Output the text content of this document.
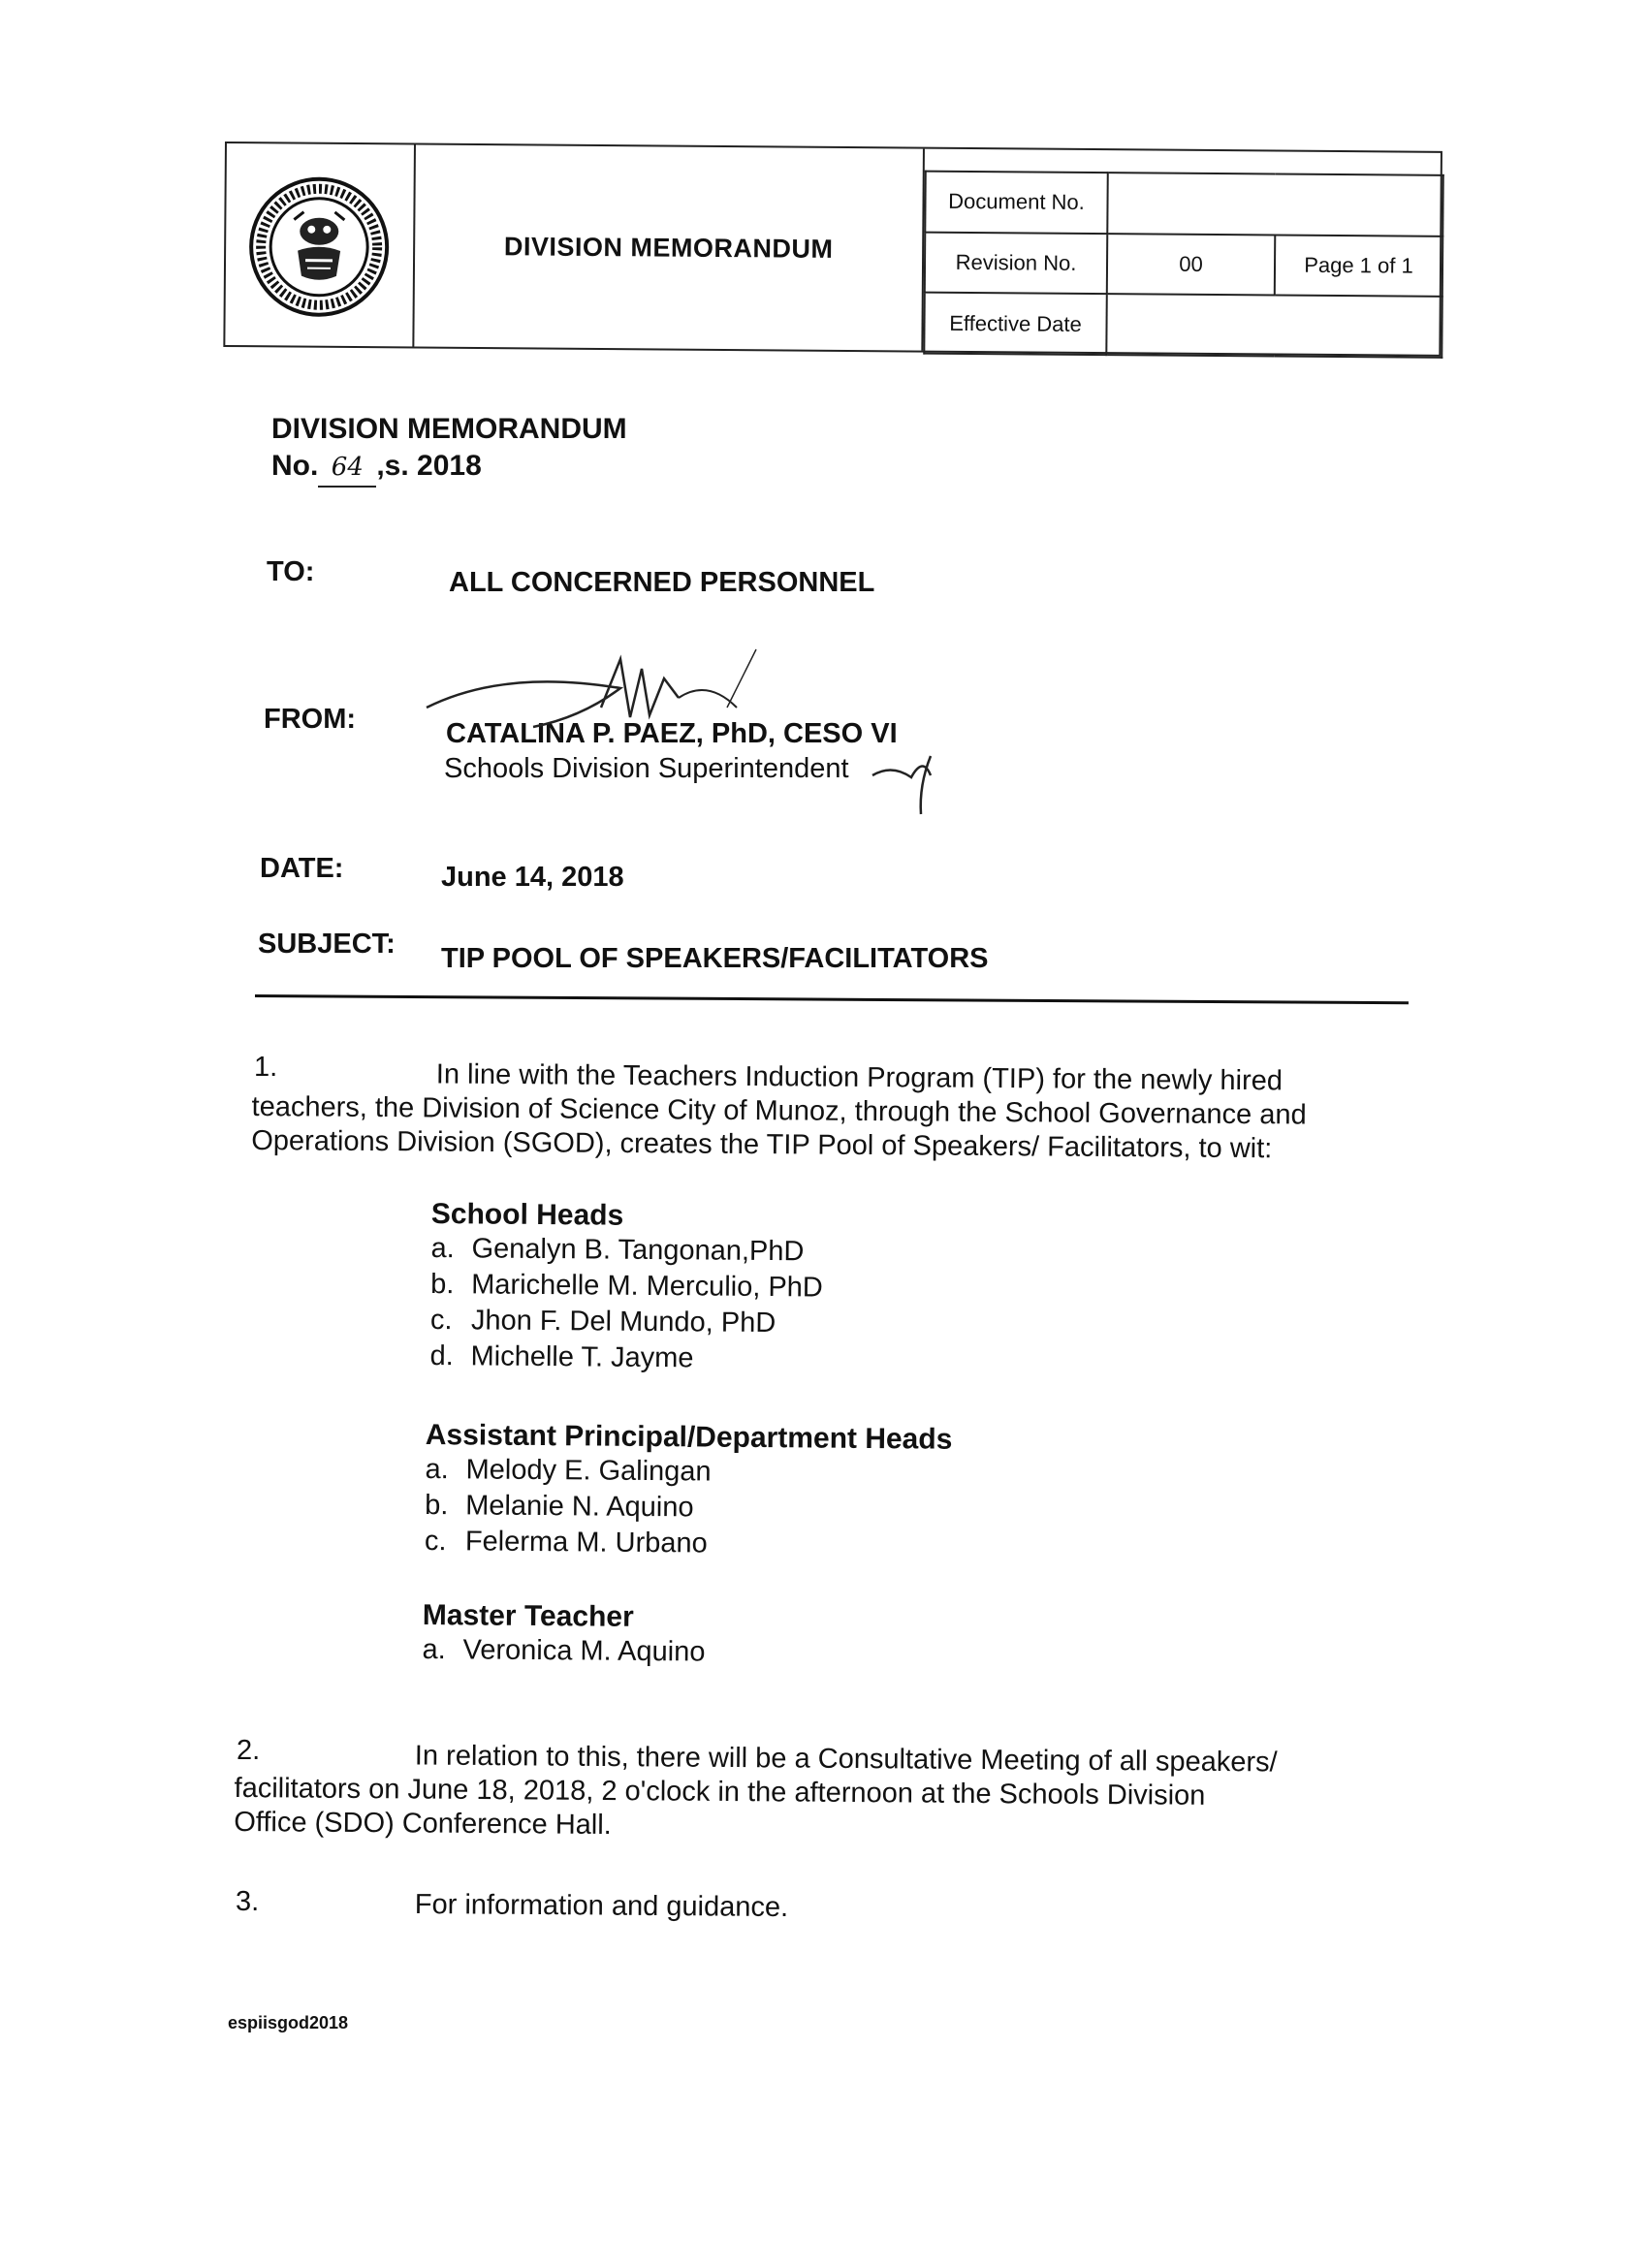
DIVISION MEMORANDUM
Document No.		
Revision No.	00	Page 1 of 1
Effective Date		
DIVISION MEMORANDUM
No. 64 ,s. 2018
TO:	ALL CONCERNED PERSONNEL
FROM:	CATALINA P. PAEZ, PhD, CESO VI
Schools Division Superintendent
DATE:	June 14, 2018
SUBJECT: TIP POOL OF SPEAKERS/FACILITATORS
1.	In line with the Teachers Induction Program (TIP) for the newly hired
teachers, the Division of Science City of Munoz, through the School Governance and
Operations Division (SGOD), creates the TIP Pool of Speakers/ Facilitators, to wit:
School Heads
a. Genalyn B. Tangonan,PhD
b. Marichelle M. Merculio, PhD
c. Jhon F. Del Mundo, PhD
d. Michelle T. Jayme
Assistant Principal/Department Heads
a. Melody E. Galingan
b. Melanie N. Aquino
c. Felerma M. Urbano
Master Teacher
a. Veronica M. Aquino
2.	In relation to this, there will be a Consultative Meeting of all speakers/
facilitators on June 18, 2018, 2 o'clock in the afternoon at the Schools Division
Office (SDO) Conference Hall.
3.	For information and guidance.
espiisgod2018
